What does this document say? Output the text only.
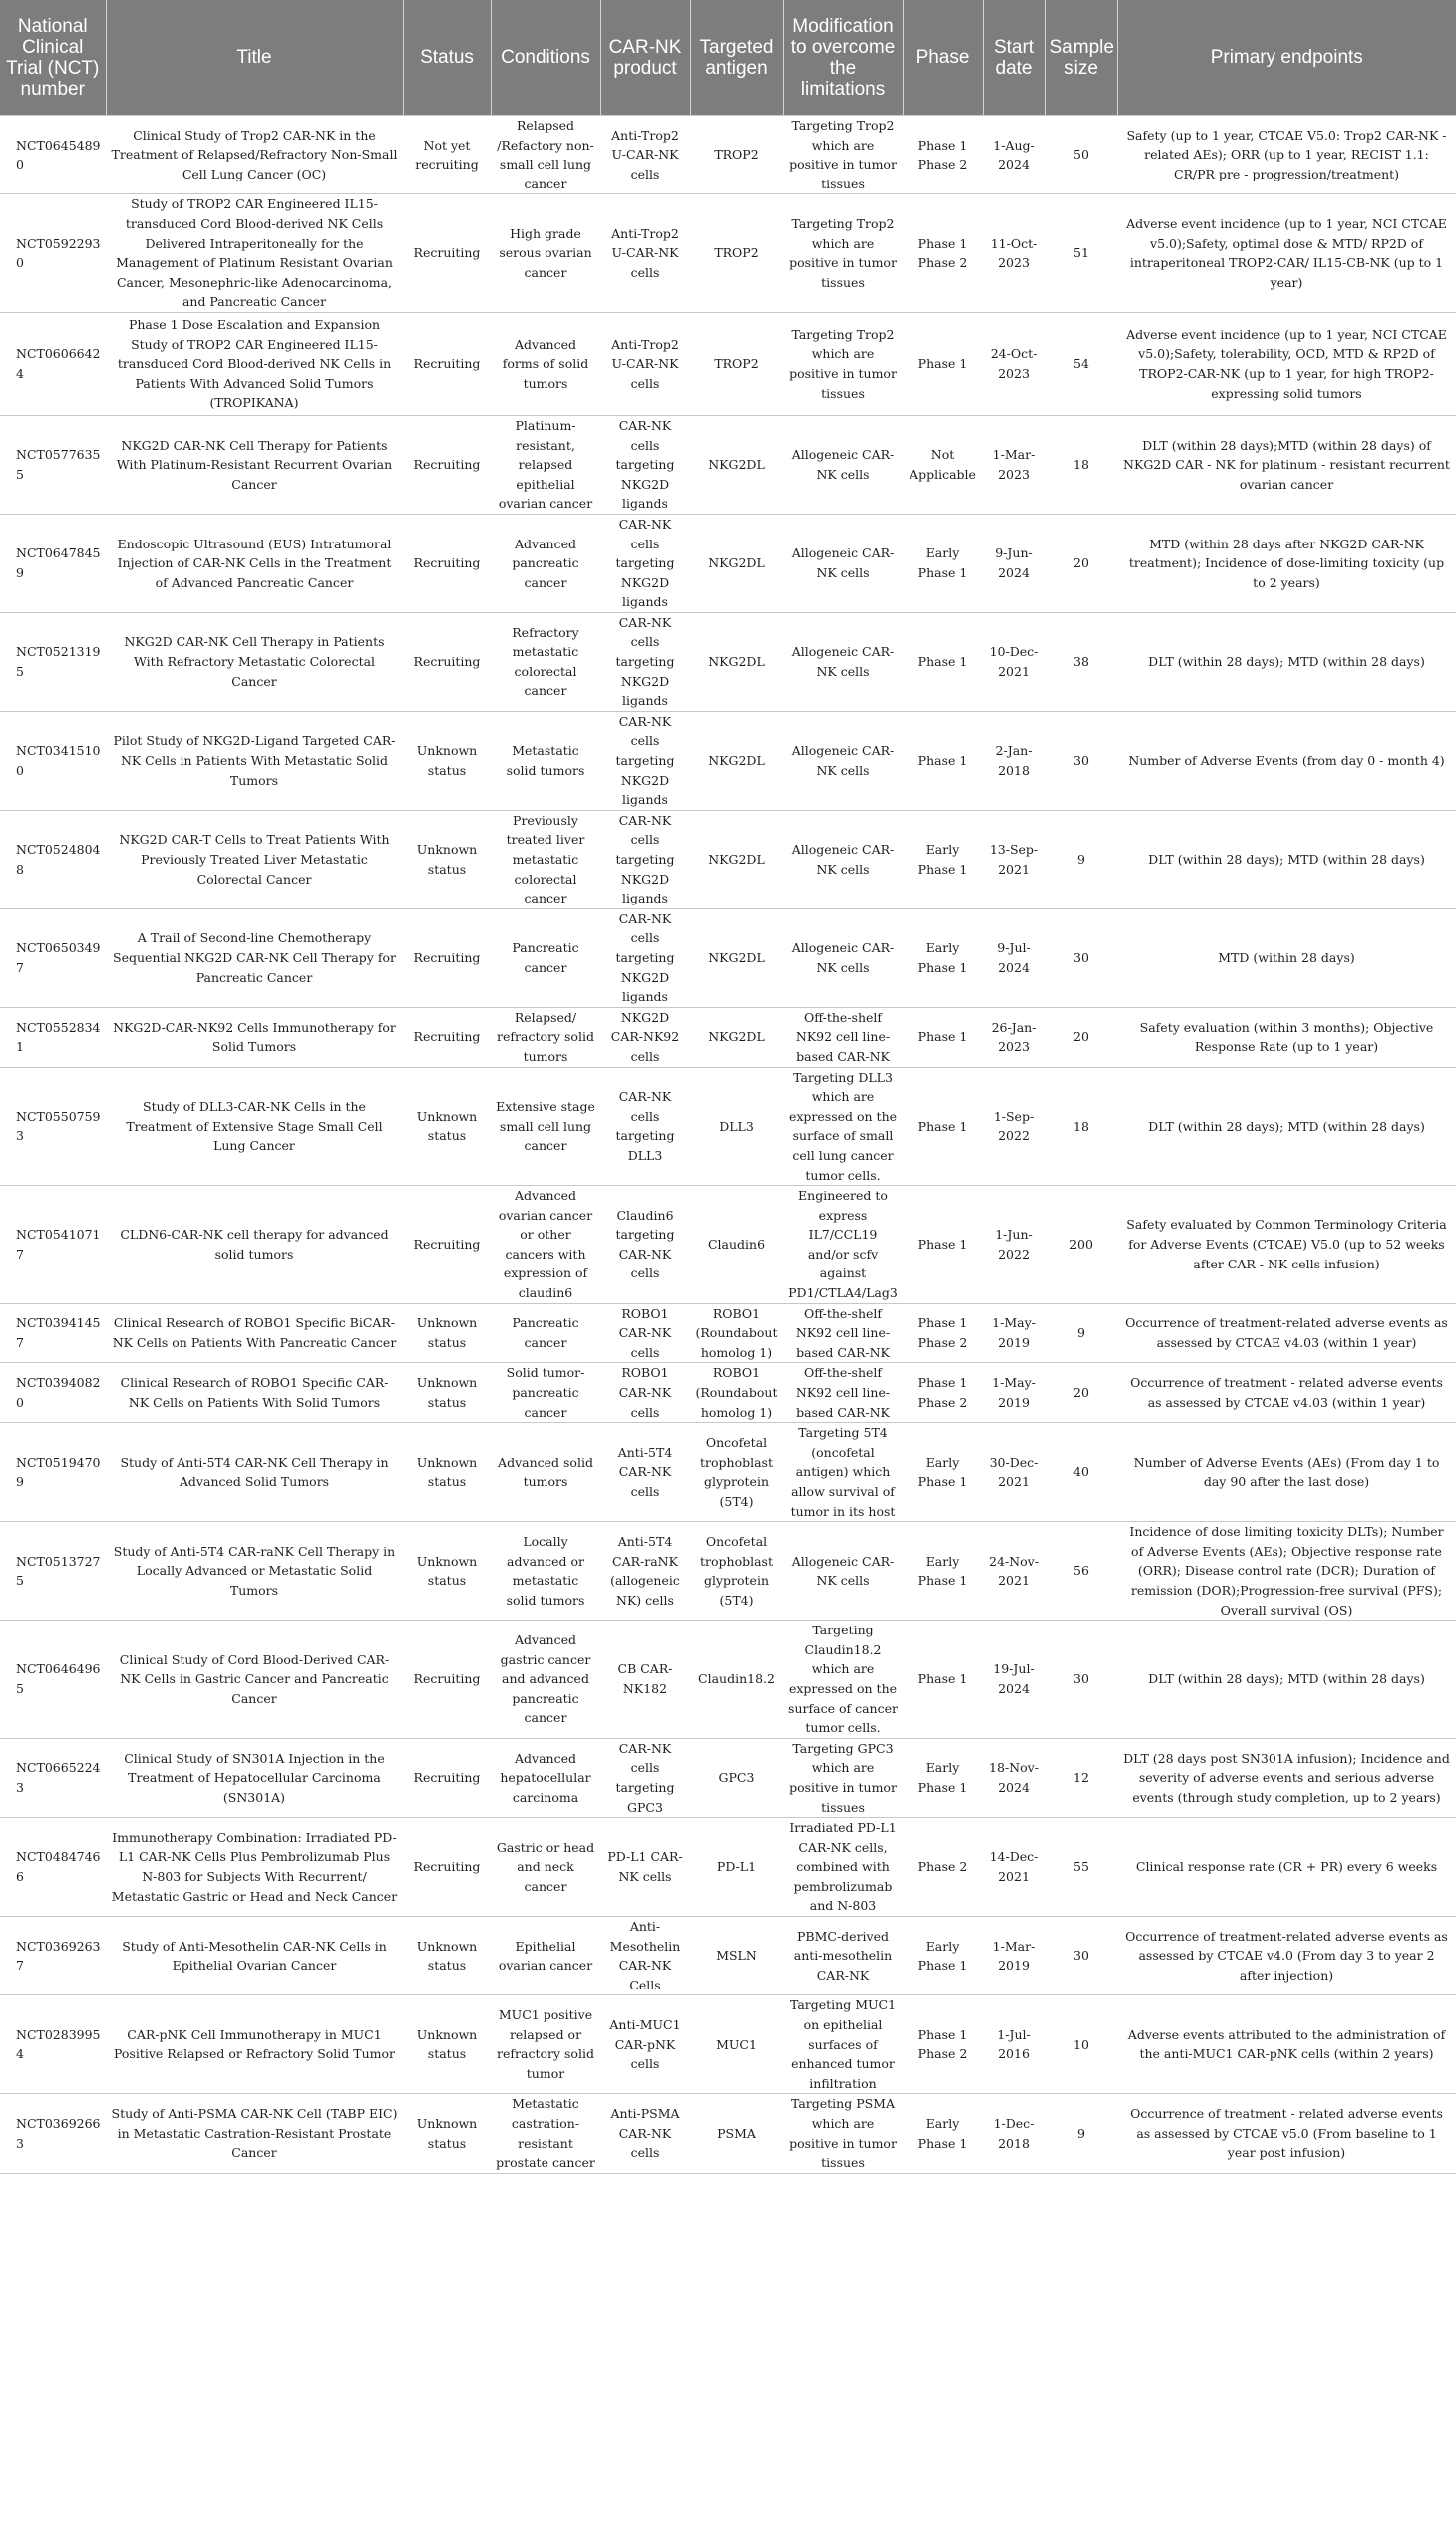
National Clinical Trial (NCT) number	Title	Status	Conditions	CAR-NK product	Targeted antigen	Modification to overcome the limitations	Phase	Start date	Sample size	Primary endpoints
NCT06454890	Clinical Study of Trop2 CAR-NK in the Treatment of Relapsed/Refractory Non-Small Cell Lung Cancer (OC)	Not yet recruiting	Relapsed /Refactory non-small cell lung cancer	Anti-Trop2 U-CAR-NK cells	TROP2	Targeting Trop2 which are positive in tumor tissues	Phase 1 Phase 2	1-Aug-2024	50	Safety (up to 1 year, CTCAE V5.0: Trop2 CAR-NK - related AEs); ORR (up to 1 year, RECIST 1.1: CR/PR pre - progression/treatment)
NCT05922930	Study of TROP2 CAR Engineered IL15-transduced Cord Blood-derived NK Cells Delivered Intraperitoneally for the Management of Platinum Resistant Ovarian Cancer, Mesonephric-like Adenocarcinoma, and Pancreatic Cancer	Recruiting	High grade serous ovarian cancer	Anti-Trop2 U-CAR-NK cells	TROP2	Targeting Trop2 which are positive in tumor tissues	Phase 1 Phase 2	11-Oct-2023	51	Adverse event incidence (up to 1 year, NCI CTCAE v5.0);Safety, optimal dose & MTD/ RP2D of intraperitoneal TROP2-CAR/ IL15-CB-NK (up to 1 year)
NCT06066424	Phase 1 Dose Escalation and Expansion Study of TROP2 CAR Engineered IL15-transduced Cord Blood-derived NK Cells in Patients With Advanced Solid Tumors (TROPIKANA)	Recruiting	Advanced forms of solid tumors	Anti-Trop2 U-CAR-NK cells	TROP2	Targeting Trop2 which are positive in tumor tissues	Phase 1	24-Oct-2023	54	Adverse event incidence (up to 1 year, NCI CTCAE v5.0);Safety, tolerability, OCD, MTD & RP2D of TROP2-CAR-NK (up to 1 year, for high TROP2-expressing solid tumors
NCT05776355	NKG2D CAR-NK Cell Therapy for Patients With Platinum-Resistant Recurrent Ovarian Cancer	Recruiting	Platinum-resistant, relapsed epithelial ovarian cancer	CAR-NK cells targeting NKG2D ligands	NKG2DL	Allogeneic CAR-NK cells	Not Applicable	1-Mar-2023	18	DLT (within 28 days);MTD (within 28 days) of NKG2D CAR - NK for platinum - resistant recurrent ovarian cancer
NCT06478459	Endoscopic Ultrasound (EUS) Intratumoral Injection of CAR-NK Cells in the Treatment of Advanced Pancreatic Cancer	Recruiting	Advanced pancreatic cancer	CAR-NK cells targeting NKG2D ligands	NKG2DL	Allogeneic CAR-NK cells	Early Phase 1	9-Jun-2024	20	MTD (within 28 days after NKG2D CAR-NK treatment); Incidence of dose-limiting toxicity (up to 2 years)
NCT05213195	NKG2D CAR-NK Cell Therapy in Patients With Refractory Metastatic Colorectal Cancer	Recruiting	Refractory metastatic colorectal cancer	CAR-NK cells targeting NKG2D ligands	NKG2DL	Allogeneic CAR-NK cells	Phase 1	10-Dec-2021	38	DLT (within 28 days); MTD (within 28 days)
NCT03415100	Pilot Study of NKG2D-Ligand Targeted CAR-NK Cells in Patients With Metastatic Solid Tumors	Unknown status	Metastatic solid tumors	CAR-NK cells targeting NKG2D ligands	NKG2DL	Allogeneic CAR-NK cells	Phase 1	2-Jan-2018	30	Number of Adverse Events (from day 0 - month 4)
NCT05248048	NKG2D CAR-T Cells to Treat Patients With Previously Treated Liver Metastatic Colorectal Cancer	Unknown status	Previously treated liver metastatic colorectal cancer	CAR-NK cells targeting NKG2D ligands	NKG2DL	Allogeneic CAR-NK cells	Early Phase 1	13-Sep-2021	9	DLT (within 28 days); MTD (within 28 days)
NCT06503497	A Trail of Second-line Chemotherapy Sequential NKG2D CAR-NK Cell Therapy for Pancreatic Cancer	Recruiting	Pancreatic cancer	CAR-NK cells targeting NKG2D ligands	NKG2DL	Allogeneic CAR-NK cells	Early Phase 1	9-Jul-2024	30	MTD (within 28 days)
NCT05528341	NKG2D-CAR-NK92 Cells Immunotherapy for Solid Tumors	Recruiting	Relapsed/ refractory solid tumors	NKG2D CAR-NK92 cells	NKG2DL	Off-the-shelf NK92 cell line-based CAR-NK	Phase 1	26-Jan-2023	20	Safety evaluation (within 3 months); Objective Response Rate (up to 1 year)
NCT05507593	Study of DLL3-CAR-NK Cells in the Treatment of Extensive Stage Small Cell Lung Cancer	Unknown status	Extensive stage small cell lung cancer	CAR-NK cells targeting DLL3	DLL3	Targeting DLL3 which are expressed on the surface of small cell lung cancer tumor cells.	Phase 1	1-Sep-2022	18	DLT (within 28 days); MTD (within 28 days)
NCT05410717	CLDN6-CAR-NK cell therapy for advanced solid tumors	Recruiting	Advanced ovarian cancer or other cancers with expression of claudin6	Claudin6 targeting CAR-NK cells	Claudin6	Engineered to express IL7/CCL19 and/or scfv against PD1/CTLA4/Lag3	Phase 1	1-Jun-2022	200	Safety evaluated by Common Terminology Criteria for Adverse Events (CTCAE) V5.0 (up to 52 weeks after CAR - NK cells infusion)
NCT03941457	Clinical Research of ROBO1 Specific BiCAR-NK Cells on Patients With Pancreatic Cancer	Unknown status	Pancreatic cancer	ROBO1 CAR-NK cells	ROBO1 (Roundabout homolog 1)	Off-the-shelf NK92 cell line-based CAR-NK	Phase 1 Phase 2	1-May-2019	9	Occurrence of treatment-related adverse events as assessed by CTCAE v4.03 (within 1 year)
NCT03940820	Clinical Research of ROBO1 Specific CAR-NK Cells on Patients With Solid Tumors	Unknown status	Solid tumor-pancreatic cancer	ROBO1 CAR-NK cells	ROBO1 (Roundabout homolog 1)	Off-the-shelf NK92 cell line-based CAR-NK	Phase 1 Phase 2	1-May-2019	20	Occurrence of treatment - related adverse events as assessed by CTCAE v4.03 (within 1 year)
NCT05194709	Study of Anti-5T4 CAR-NK Cell Therapy in Advanced Solid Tumors	Unknown status	Advanced solid tumors	Anti-5T4 CAR-NK cells	Oncofetal trophoblast glyprotein (5T4)	Targeting 5T4 (oncofetal antigen) which allow survival of tumor in its host	Early Phase 1	30-Dec-2021	40	Number of Adverse Events (AEs) (From day 1 to day 90 after the last dose)
NCT05137275	Study of Anti-5T4 CAR-raNK Cell Therapy in Locally Advanced or Metastatic Solid Tumors	Unknown status	Locally advanced or metastatic solid tumors	Anti-5T4 CAR-raNK (allogeneic NK) cells	Oncofetal trophoblast glyprotein (5T4)	Allogeneic CAR-NK cells	Early Phase 1	24-Nov-2021	56	Incidence of dose limiting toxicity DLTs); Number of Adverse Events (AEs); Objective response rate (ORR); Disease control rate (DCR); Duration of remission (DOR);Progression-free survival (PFS); Overall survival (OS)
NCT06464965	Clinical Study of Cord Blood-Derived CAR-NK Cells in Gastric Cancer and Pancreatic Cancer	Recruiting	Advanced gastric cancer and advanced pancreatic cancer	CB CAR-NK182	Claudin18.2	Targeting Claudin18.2 which are expressed on the surface of cancer tumor cells.	Phase 1	19-Jul-2024	30	DLT (within 28 days); MTD (within 28 days)
NCT06652243	Clinical Study of SN301A Injection in the Treatment of Hepatocellular Carcinoma (SN301A)	Recruiting	Advanced hepatocellular carcinoma	CAR-NK cells targeting GPC3	GPC3	Targeting GPC3 which are positive in tumor tissues	Early Phase 1	18-Nov-2024	12	DLT (28 days post SN301A infusion); Incidence and severity of adverse events and serious adverse events (through study completion, up to 2 years)
NCT04847466	Immunotherapy Combination: Irradiated PD-L1 CAR-NK Cells Plus Pembrolizumab Plus N-803 for Subjects With Recurrent/ Metastatic Gastric or Head and Neck Cancer	Recruiting	Gastric or head and neck cancer	PD-L1 CAR-NK cells	PD-L1	Irradiated PD-L1 CAR-NK cells, combined with pembrolizumab and N-803	Phase 2	14-Dec-2021	55	Clinical response rate (CR + PR) every 6 weeks
NCT03692637	Study of Anti-Mesothelin CAR-NK Cells in Epithelial Ovarian Cancer	Unknown status	Epithelial ovarian cancer	Anti-Mesothelin CAR-NK Cells	MSLN	PBMC-derived anti-mesothelin CAR-NK	Early Phase 1	1-Mar-2019	30	Occurrence of treatment-related adverse events as assessed by CTCAE v4.0 (From day 3 to year 2 after injection)
NCT02839954	CAR-pNK Cell Immunotherapy in MUC1 Positive Relapsed or Refractory Solid Tumor	Unknown status	MUC1 positive relapsed or refractory solid tumor	Anti-MUC1 CAR-pNK cells	MUC1	Targeting MUC1 on epithelial surfaces of enhanced tumor infiltration	Phase 1 Phase 2	1-Jul-2016	10	Adverse events attributed to the administration of the anti-MUC1 CAR-pNK cells (within 2 years)
NCT03692663	Study of Anti-PSMA CAR-NK Cell (TABP EIC) in Metastatic Castration-Resistant Prostate Cancer	Unknown status	Metastatic castration-resistant prostate cancer	Anti-PSMA CAR-NK cells	PSMA	Targeting PSMA which are positive in tumor tissues	Early Phase 1	1-Dec-2018	9	Occurrence of treatment - related adverse events as assessed by CTCAE v5.0 (From baseline to 1 year post infusion)
